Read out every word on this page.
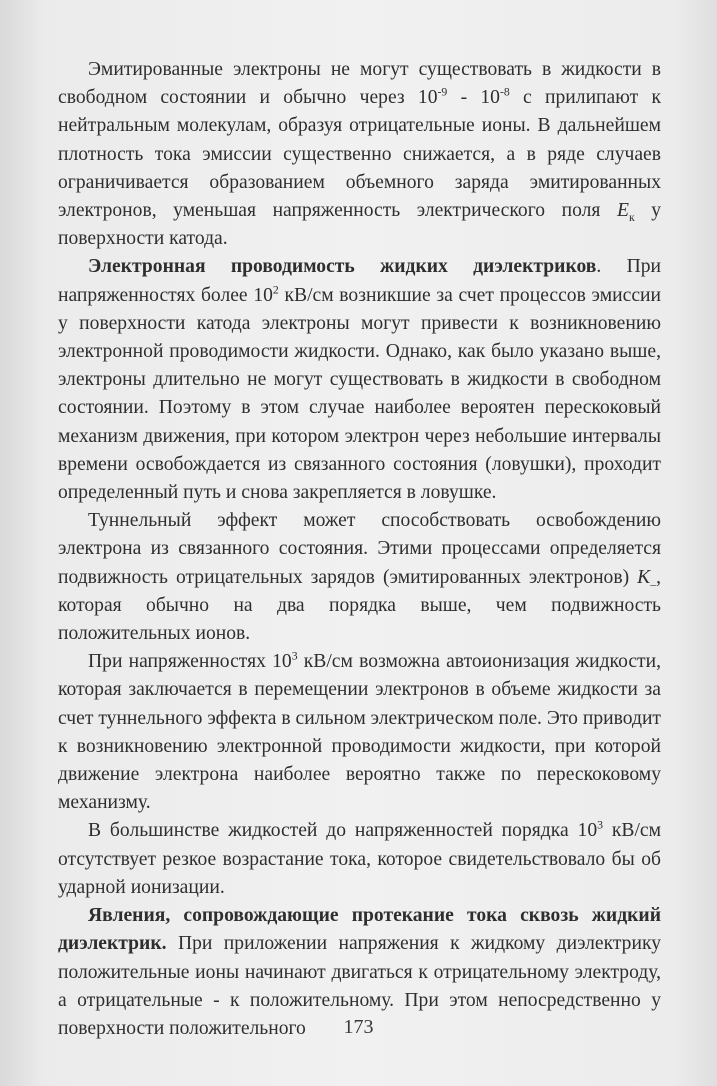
Эмитированные электроны не могут существовать в жидкости в свободном состоянии и обычно через $10^{-9} - 10^{-8}$ с прилипают к нейтральным молекулам, образуя отрицательные ионы. В дальнейшем плотность тока эмиссии существенно снижается, а в ряде случаев ограничивается образованием объемного заряда эмитированных электронов, уменьшая напряженность электрического поля $E_к$ у поверхности катода.

Электронная проводимость жидких диэлектриков. При напряженностях более $10^2$ кВ/см возникшие за счет процессов эмиссии у поверхности катода электроны могут привести к возникновению электронной проводимости жидкости. Однако, как было указано выше, электроны длительно не могут существовать в жидкости в свободном состоянии. Поэтому в этом случае наиболее вероятен перескоковый механизм движения, при котором электрон через небольшие интервалы времени освобождается из связанного состояния (ловушки), проходит определенный путь и снова закрепляется в ловушке.

Туннельный эффект может способствовать освобождению электрона из связанного состояния. Этими процессами определяется подвижность отрицательных зарядов (эмитированных электронов) $K_-$, которая обычно на два порядка выше, чем подвижность положительных ионов.

При напряженностях $10^3$ кВ/см возможна автоионизация жидкости, которая заключается в перемещении электронов в объеме жидкости за счет туннельного эффекта в сильном электрическом поле. Это приводит к возникновению электронной проводимости жидкости, при которой движение электрона наиболее вероятно также по перескоковому механизму.

В большинстве жидкостей до напряженностей порядка $10^3$ кВ/см отсутствует резкое возрастание тока, которое свидетельствовало бы об ударной ионизации.

Явления, сопровождающие протекание тока сквозь жидкий диэлектрик. При приложении напряжения к жидкому диэлектрику положительные ионы начинают двигаться к отрицательному электроду, а отрицательные - к положительному. При этом непосредственно у поверхности положительного	173
